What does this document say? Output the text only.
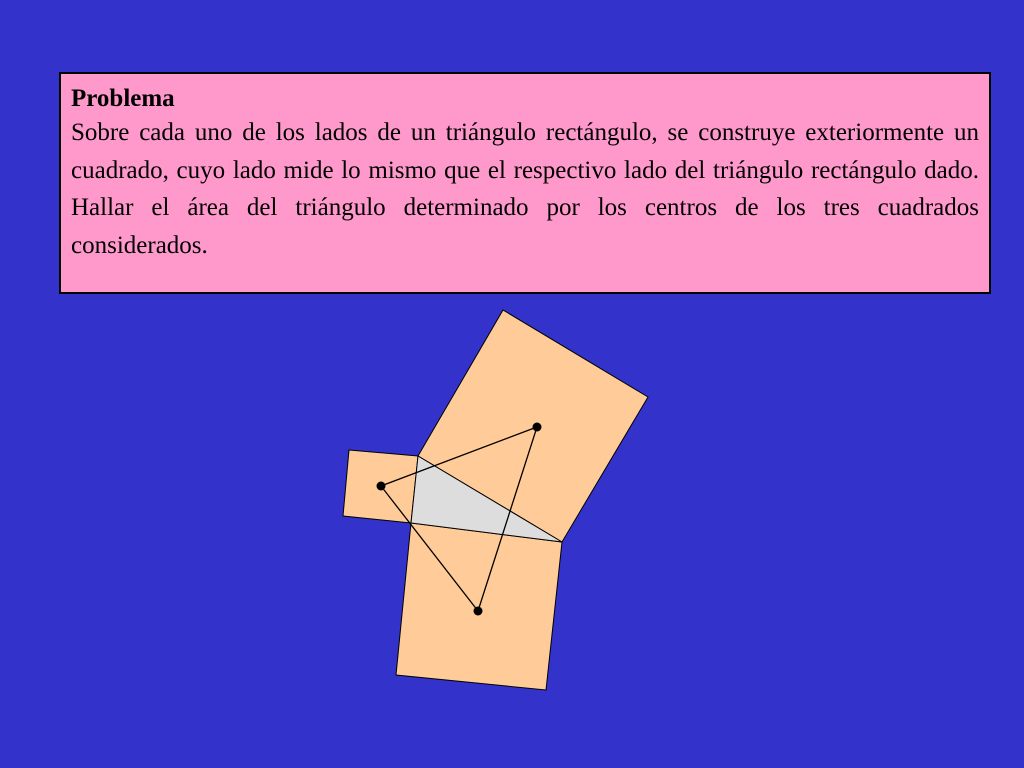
Problema
Sobre cada uno de los lados de un triángulo rectángulo, se construye exteriormente un cuadrado, cuyo lado mide lo mismo que el respectivo lado del triángulo rectángulo dado. Hallar el área del triángulo determinado por los centros de los tres cuadrados considerados.
